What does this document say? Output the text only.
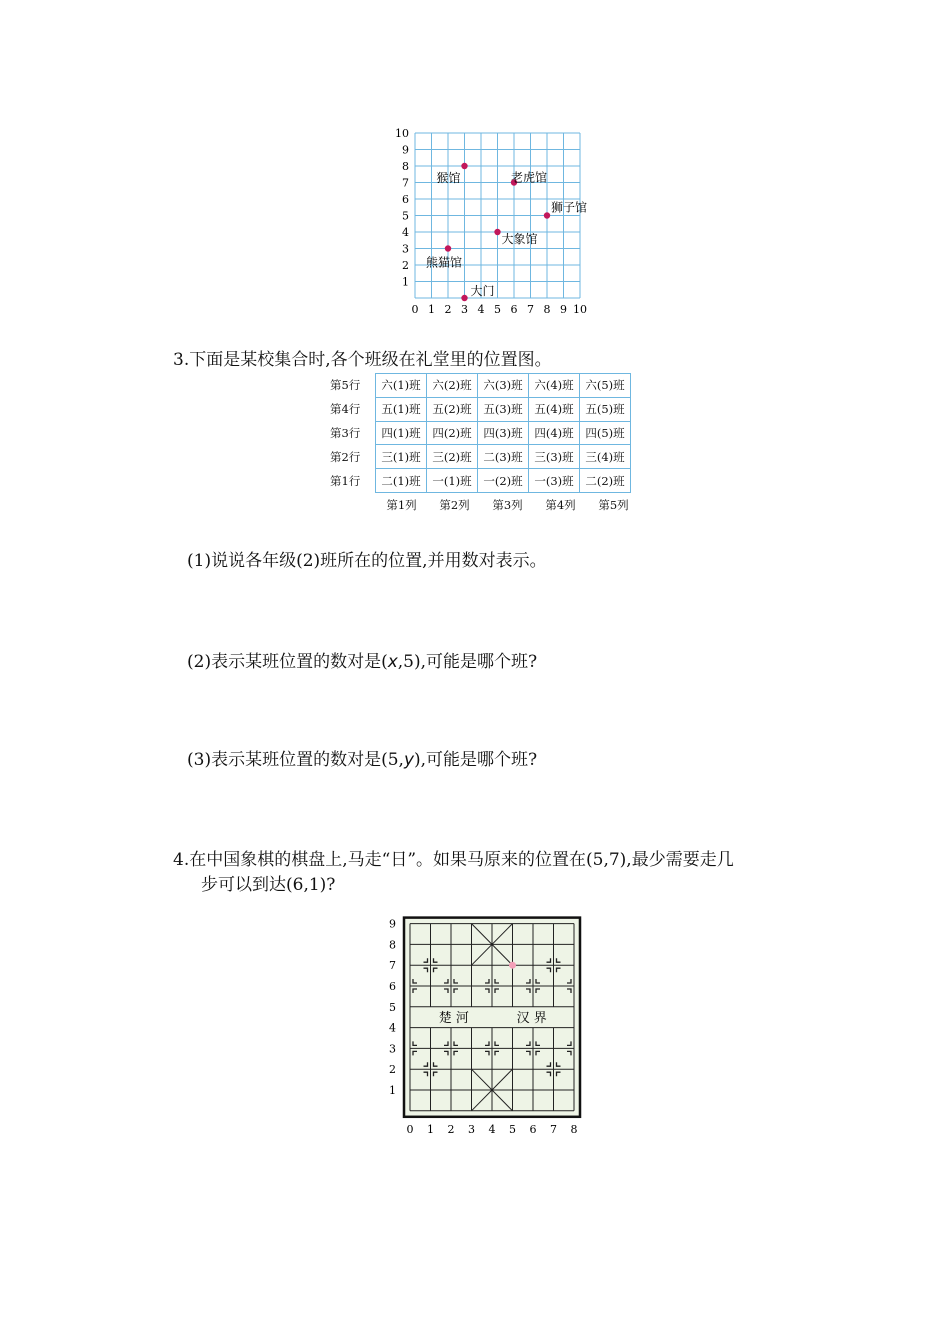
0 1 2 3 4 5 6 7 8 9 10
1
2
3
4
5
6
7
8
9
10
猴馆	老虎馆
狮子馆
大象馆
熊猫馆
大门
3.下面是某校集合时,各个班级在礼堂里的位置图。
第5行
第4行
第3行
第2行
第1行
六(1)班	六(2)班	六(3)班	六(4)班	六(5)班
五(1)班	五(2)班	五(3)班	五(4)班	五(5)班
四(1)班	四(2)班	四(3)班	四(4)班	四(5)班
三(1)班	三(2)班	二(3)班	三(3)班	三(4)班
二(1)班	一(1)班	一(2)班	一(3)班	二(2)班
第1列	第2列	第3列	第4列	第5列
(1)说说各年级(2)班所在的位置,并用数对表示。
(2)表示某班位置的数对是(x,5),可能是哪个班?
(3)表示某班位置的数对是(5,y),可能是哪个班?
4.在中国象棋的棋盘上,马走“日”。如果马原来的位置在(5,7),最少需要走几
步可以到达(6,1)?
楚 河	汉 界
0 1 2 3 4 5 6 7 8
1
2
3
4
5
6
7
8
9
